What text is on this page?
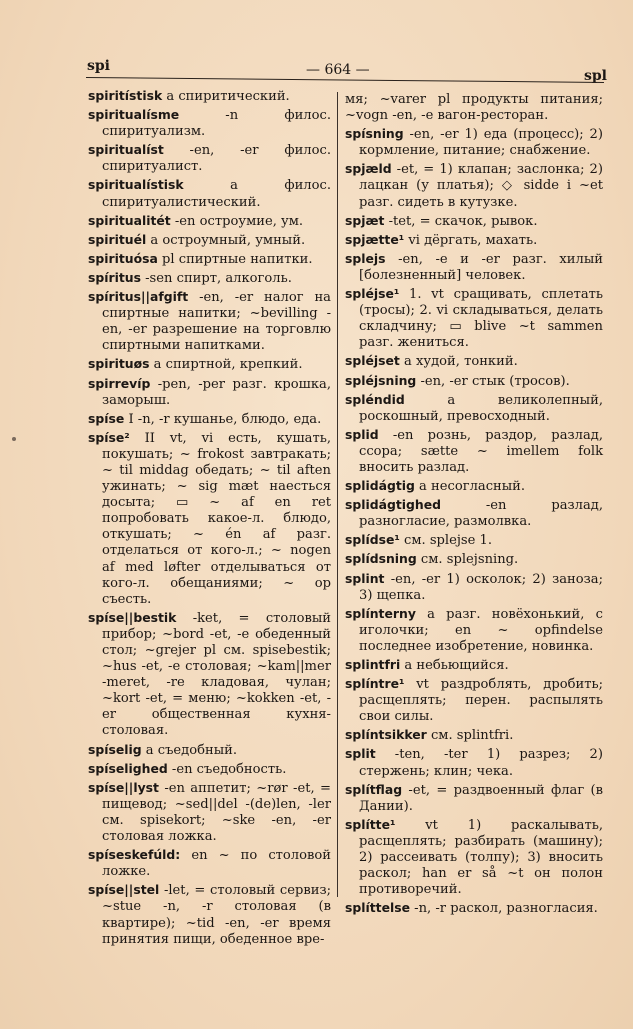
spi	— 664 —	spl

spiritístisk a спиритический.

spiritualísme -n филос. спиритуализм.

spiritualíst -en, -er филос. спиритуалист.

spiritualístisk a филос. спиритуалистический.

spiritualitét -en остроумие, ум.

spirituél a остроумный, умный.

spirituósa pl спиртные напитки.

spíritus -sen спирт, алкоголь.

spíritus||afgift -en, -er налог на спиртные напитки; ~bevilling -en, -er разрешение на торговлю спиртными напитками.

spirituøs a спиртной, крепкий.

spirrevíp -pen, -per разг. крошка, заморыш.

spíse I -n, -r кушанье, блюдо, еда.

spíse² II vt, vi есть, кушать, покушать; ~ frokost завтракать; ~ til middag обедать; ~ til aften ужинать; ~ sig mæt наесться досыта; ▭ ~ af en ret попробовать какое-л. блюдо, откушать; ~ én af разг. отделаться от кого-л.; ~ nogen af med løfter отделываться от кого-л. обещаниями; ~ op съесть.

spíse||bestik -ket, = столовый прибор; ~bord -et, -e обеденный стол; ~grejer pl см. spisebestik; ~hus -et, -e столовая; ~kam||mer -meret, -re кладовая, чулан; ~kort -et, = меню; ~kokken -et, -er общественная кухня-столовая.

spíselig a съедобный.

spíselighed -en съедобность.

spíse||lyst -en аппетит; ~rør -et, = пищевод; ~sed||del -(de)len, -ler см. spisekort; ~ske -en, -er столовая ложка.

spíseskefúld: en ~ по столовой ложке.

spíse||stel -let, = столовый сервиз; ~stue -n, -r столовая (в квартире); ~tid -en, -er время принятия пищи, обеденное вре-

мя; ~varer pl продукты питания; ~vogn -en, -e вагон-ресторан.

spísning -en, -er 1) еда (процесс); 2) кормление, питание; снабжение.

spjæld -et, = 1) клапан; заслонка; 2) лацкан (у платья); ◇ sidde i ~et разг. сидеть в кутузке.

spjæt -tet, = скачок, рывок.

spjætte¹ vi дёргать, махать.

splejs -en, -e и -er разг. хилый [болезненный] человек.

spléjse¹ 1. vt сращивать, сплетать (тросы); 2. vi складываться, делать складчину; ▭ blive ~t sammen разг. жениться.

spléjset a худой, тонкий.

spléjsning -en, -er стык (тросов).

spléndid a великолепный, роскошный, превосходный.

splid -en рознь, раздор, разлад, ссора; sætte ~ imellem folk вносить разлад.

splidágtig a несогласный.

splidágtighed -en разлад, разногласие, размолвка.

splídse¹ см. splejse 1.

splídsning см. splejsning.

splint -en, -er 1) осколок; 2) заноза; 3) щепка.

splínterny a разг. новёхонький, с иголочки; en ~ opfindelse последнее изобретение, новинка.

splintfri a небьющийся.

splíntre¹ vt раздроблять, дробить; расщеплять; перен. распылять свои силы.

splíntsikker см. splintfri.

split -ten, -ter 1) разрез; 2) стержень; клин; чека.

splítflag -et, = раздвоенный флаг (в Дании).

splítte¹ vt 1) раскалывать, расщеплять; разбирать (машину); 2) рассеивать (толпу); 3) вносить раскол; han er så ~t он полон противоречий.

splíttelse -n, -r раскол, разногласия.
